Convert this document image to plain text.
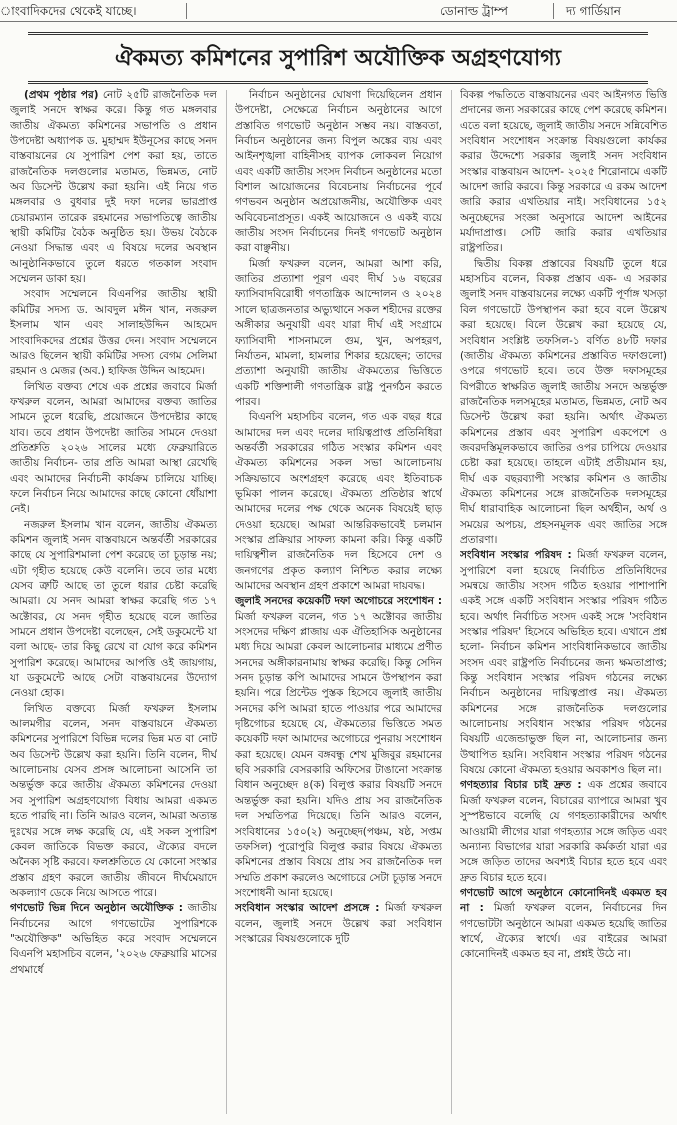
াংবাদিকদের থেকেই যাচ্ছে।	ডোনাল্ড ট্রাম্প	দ্য গার্ডিয়ান
ঐকমত্য কমিশনের সুপারিশ অযৌক্তিক অগ্রহণযোগ্য

(প্রথম পৃষ্ঠার পর) নোট ২৫টি রাজনৈতিক দল জুলাই সনদে স্বাক্ষর করে। কিন্তু গত মঙ্গলবার জাতীয় ঐকমত্য কমিশনের সভাপতি ও প্রধান উপদেষ্টা অধ্যাপক ড. মুহাম্মদ ইউনূসের কাছে সনদ বাস্তবায়নের যে সুপারিশ পেশ করা হয়, তাতে রাজনৈতিক দলগুলোর মতামত, ভিন্নমত, নোট অব ডিসেন্ট উল্লেখ করা হয়নি। এই নিয়ে গত মঙ্গলবার ও বুধবার দুই দফা দলের ভারপ্রাপ্ত চেয়ারম্যান তারেক রহমানের সভাপতিত্বে জাতীয় স্থায়ী কমিটির বৈঠক অনুষ্ঠিত হয়। উভয় বৈঠকে নেওয়া সিদ্ধান্ত এবং এ বিষয়ে দলের অবস্থান আনুষ্ঠানিকভাবে তুলে ধরতে গতকাল সংবাদ সম্মেলন ডাকা হয়।

সংবাদ সম্মেলনে বিএনপির জাতীয় স্থায়ী কমিটির সদস্য ড. আবদুল মঈন খান, নজরুল ইসলাম খান এবং সালাহউদ্দিন আহমেদ সাংবাদিকদের প্রশ্নের উত্তর দেন। সংবাদ সম্মেলনে আরও ছিলেন স্থায়ী কমিটির সদস্য বেগম সেলিমা রহমান ও মেজর (অব.) হাফিজ উদ্দিন আহমেদ।

লিখিত বক্তব্য শেষে এক প্রশ্নের জবাবে মির্জা ফখরুল বলেন, আমরা আমাদের বক্তব্য জাতির সামনে তুলে ধরেছি, প্রয়োজনে উপদেষ্টার কাছে যাব। তবে প্রধান উপদেষ্টা জাতির সামনে দেওয়া প্রতিশ্রুতি ২০২৬ সালের মধ্যে ফেব্রুয়ারিতে জাতীয় নির্বাচন- তার প্রতি আমরা আস্থা রেখেছি এবং আমাদের নির্বাচনী কার্যক্রম চালিয়ে যাচ্ছি। ফলে নির্বাচন নিয়ে আমাদের কাছে কোনো ধোঁয়াশা নেই।

নজরুল ইসলাম খান বলেন, জাতীয় ঐকমত্য কমিশন জুলাই সনদ বাস্তবায়নে অন্তর্বর্তী সরকারের কাছে যে সুপারিশমালা পেশ করেছে তা চূড়ান্ত নয়; এটা গৃহীত হয়েছে কেউ বলেনি। তবে তার মধ্যে যেসব ত্রুটি আছে তা তুলে ধরার চেষ্টা করেছি আমরা। যে সনদ আমরা স্বাক্ষর করেছি গত ১৭ অক্টোবর, যে সনদ গৃহীত হয়েছে বলে জাতির সামনে প্রধান উপদেষ্টা বলেছেন, সেই ডকুমেন্টে যা বলা আছে- তার কিছু রেখে বা যোগ করে কমিশন সুপারিশ করেছে। আমাদের আপত্তি ওই জায়গায়, যা ডকুমেন্টে আছে সেটা বাস্তবায়নের উদ্যোগ নেওয়া হোক।

লিখিত বক্তব্যে মির্জা ফখরুল ইসলাম আলমগীর বলেন, সনদ বাস্তবায়নে ঐকমত্য কমিশনের সুপারিশে বিভিন্ন দলের ভিন্ন মত বা নোট অব ডিসেন্ট উল্লেখ করা হয়নি। তিনি বলেন, দীর্ঘ আলোচনায় যেসব প্রসঙ্গ আলোচনা আসেনি তা অন্তর্ভুক্ত করে জাতীয় ঐকমত্য কমিশনের দেওয়া সব সুপারিশ অগ্রহণযোগ্য বিধায় আমরা একমত হতে পারছি না। তিনি আরও বলেন, আমরা অত্যন্ত দুঃখের সঙ্গে লক্ষ করেছি যে, এই সকল সুপারিশ কেবল জাতিকে বিভক্ত করবে, ঐক্যের বদলে অনৈক্য সৃষ্টি করবে। ফলশ্রুতিতে যে কোনো সংস্কার প্রস্তাব গ্রহণ করলে জাতীয় জীবনে দীর্ঘমেয়াদে অকল্যাণ ডেকে নিয়ে আসতে পারে।

গণভোট ভিন্ন দিনে অনুষ্ঠান অযৌক্তিক : জাতীয় নির্বাচনের আগে গণভোটের সুপারিশকে "অযৌক্তিক" অভিহিত করে সংবাদ সম্মেলনে বিএনপি মহাসচিব বলেন, '২০২৬ ফেব্রুয়ারি মাসের প্রথমার্ধে

নির্বাচন অনুষ্ঠানের ঘোষণা দিয়েছিলেন প্রধান উপদেষ্টা, সেক্ষেত্রে নির্বাচন অনুষ্ঠানের আগে প্রস্তাবিত গণভোট অনুষ্ঠান সম্ভব নয়। বাস্তবতা, নির্বাচন অনুষ্ঠানের জন্য বিপুল অঙ্কের ব্যয় এবং আইনশৃঙ্খলা বাহিনীসহ ব্যাপক লোকবল নিয়োগ এবং একটি জাতীয় সংসদ নির্বাচন অনুষ্ঠানের মতো বিশাল আয়োজনের বিবেচনায় নির্বাচনের পূর্বে গণভবন অনুষ্ঠান অপ্রয়োজনীয়, অযৌক্তিক এবং অবিবেচনাপ্রসূত। একই আয়োজনে ও একই ব্যয়ে জাতীয় সংসদ নির্বাচনের দিনই গণভোট অনুষ্ঠান করা বাঞ্ছনীয়।

মির্জা ফখরুল বলেন, আমরা আশা করি, জাতির প্রত্যাশা পূরণ এবং দীর্ঘ ১৬ বছরের ফ্যাসিবাদবিরোধী গণতান্ত্রিক আন্দোলন ও ২০২৪ সালে ছাত্রজনতার অভ্যুত্থানে সকল শহীদের রক্তের অঙ্গীকার অনুযায়ী এবং যারা দীর্ঘ এই সংগ্রামে ফ্যাসিবাদী শাসনামলে গুম, খুন, অপহরণ, নির্যাতন, মামলা, হামলার শিকার হয়েছেন; তাদের প্রত্যাশা অনুযায়ী জাতীয় ঐকমত্যের ভিত্তিতে একটি শক্তিশালী গণতান্ত্রিক রাষ্ট্র পুনর্গঠন করতে পারব।

বিএনপি মহাসচিব বলেন, গত এক বছর ধরে আমাদের দল এবং দলের দায়িত্বপ্রাপ্ত প্রতিনিধিরা অন্তর্বর্তী সরকারের গঠিত সংস্কার কমিশন এবং ঐকমত্য কমিশনের সকল সভা আলোচনায় সক্রিয়ভাবে অংশগ্রহণ করেছে এবং ইতিবাচক ভূমিকা পালন করেছে। ঐকমত্য প্রতিষ্ঠার স্বার্থে আমাদের দলের পক্ষ থেকে অনেক বিষয়েই ছাড় দেওয়া হয়েছে। আমরা আন্তরিকভাবেই চলমান সংস্কার প্রক্রিয়ার সাফল্য কামনা করি। কিন্তু একটি দায়িত্বশীল রাজনৈতিক দল হিসেবে দেশ ও জনগণের প্রকৃত কল্যাণ নিশ্চিত করার লক্ষ্যে আমাদের অবস্থান গ্রহণ প্রকাশে আমরা দায়বদ্ধ।

জুলাই সনদের কয়েকটি দফা অগোচরে সংশোধন : মির্জা ফখরুল বলেন, গত ১৭ অক্টোবর জাতীয় সংসদের দক্ষিণ প্লাজায় এক ঐতিহাসিক অনুষ্ঠানের মধ্য দিয়ে আমরা কেবল আলোচনার মাধ্যমে প্রণীত সনদের অঙ্গীকারনামায় স্বাক্ষর করেছি। কিন্তু সেদিন সনদ চূড়ান্ত কপি আমাদের সামনে উপস্থাপন করা হয়নি। পরে প্রিন্টেড পুস্তক হিসেবে জুলাই জাতীয় সনদের কপি আমরা হাতে পাওয়ার পরে আমাদের দৃষ্টিগোচর হয়েছে যে, ঐকমত্যের ভিত্তিতে সমত কয়েকটি দফা আমাদের অগোচরে পুনরায় সংশোধন করা হয়েছে। যেমন বঙ্গবন্ধু শেখ মুজিবুর রহমানের ছবি সরকারি বেসরকারি অফিসের টাঙানো সংক্রান্ত বিধান অনুচ্ছেদ ৪(ক) বিলুপ্ত করার বিষয়টি সনদে অন্তর্ভুক্ত করা হয়নি। যদিও প্রায় সব রাজনৈতিক দল সম্মতিপত্র দিয়েছে। তিনি আরও বলেন, সংবিধানের ১৫০(২) অনুচ্ছেদ(পঞ্চম, ষষ্ঠ, সপ্তম তফসিল) পুরোপুরি বিলুপ্ত করার বিষয়ে ঐকমত্য কমিশনের প্রস্তাব বিষয়ে প্রায় সব রাজনৈতিক দল সম্মতি প্রকাশ করলেও অগোচরে সেটা চূড়ান্ত সনদে সংশোধনী আনা হয়েছে।

সংবিধান সংস্কার আদেশ প্রসঙ্গে : মির্জা ফখরুল বলেন, জুলাই সনদে উল্লেখ করা সংবিধান সংস্কারের বিষয়গুলোকে দুটি

বিকল্প পদ্ধতিতে বাস্তবায়নের এবং আইনগত ভিত্তি প্রদানের জন্য সরকারের কাছে পেশ করেছে কমিশন। এতে বলা হয়েছে, জুলাই জাতীয় সনদে সন্নিবেশিত সংবিধান সংশোধন সংক্রান্ত বিষয়গুলো কার্যকর করার উদ্দেশ্যে সরকার জুলাই সনদ সংবিধান সংস্কার বাস্তবায়ন আদেশ- ২০২৫ শিরোনামে একটি আদেশ জারি করবে। কিন্তু সরকারে এ রকম আদেশ জারি করার এখতিয়ার নাই। সংবিধানের ১৫২ অনুচ্ছেদের সংজ্ঞা অনুসারে আদেশ আইনের মর্যাদাপ্রাপ্ত। সেটি জারি করার এখতিয়ার রাষ্ট্রপতির।

দ্বিতীয় বিকল্প প্রস্তাবের বিষয়টি তুলে ধরে মহাসচিব বলেন, বিকল্প প্রস্তাব এক- এ সরকার জুলাই সনদ বাস্তবায়নের লক্ষ্যে একটি পূর্ণাঙ্গ খসড়া বিল গণভোটে উপস্থাপন করা হবে বলে উল্লেখ করা হয়েছে। বিলে উল্লেখ করা হয়েছে যে, সংবিধান সংশ্লিষ্ট তফসিল-১ বর্ণিত ৪৮টি দফার (জাতীয় ঐকমত্য কমিশনের প্রস্তাবিত দফাগুলো) ওপরে গণভোট হবে। তবে উক্ত দফাসমূহের বিপরীতে স্বাক্ষরিত জুলাই জাতীয় সনদে অন্তর্ভুক্ত রাজনৈতিক দলসমূহের মতামত, ভিন্নমত, নোট অব ডিসেন্ট উল্লেখ করা হয়নি। অর্থাৎ ঐকমত্য কমিশনের প্রস্তাব এবং সুপারিশ একপেশে ও জবরদস্তিমূলকভাবে জাতির ওপর চাপিয়ে দেওয়ার চেষ্টা করা হয়েছে। তাহলে এটাই প্রতীয়মান হয়, দীর্ঘ এক বছরব্যাপী সংস্কার কমিশন ও জাতীয় ঐকমত্য কমিশনের সঙ্গে রাজনৈতিক দলসমূহের দীর্ঘ ধারাবাহিক আলোচনা ছিল অর্থহীন, অর্থ ও সময়ের অপচয়, প্রহসনমূলক এবং জাতির সঙ্গে প্রতারণা।

সংবিধান সংস্কার পরিষদ : মির্জা ফখরুল বলেন, সুপারিশে বলা হয়েছে নির্বাচিত প্রতিনিধিদের সমন্বয়ে জাতীয় সংসদ গঠিত হওয়ার পাশাপাশি একই সঙ্গে একটি সংবিধান সংস্কার পরিষদ গঠিত হবে। অর্থাৎ নির্বাচিত সংসদ একই সঙ্গে 'সংবিধান সংস্কার পরিষদ' হিসেবে অভিহিত হবে। এখানে প্রশ্ন হলো- নির্বাচন কমিশন সাংবিধানিকভাবে জাতীয় সংসদ এবং রাষ্ট্রপতি নির্বাচনের জন্য ক্ষমতাপ্রাপ্ত; কিন্তু সংবিধান সংস্কার পরিষদ গঠনের লক্ষ্যে নির্বাচন অনুষ্ঠানের দায়িত্বপ্রাপ্ত নয়। ঐকমত্য কমিশনের সঙ্গে রাজনৈতিক দলগুলোর আলোচনায় সংবিধান সংস্কার পরিষদ গঠনের বিষয়টি এজেন্ডাভুক্ত ছিল না, আলোচনার জন্য উত্থাপিত হয়নি। সংবিধান সংস্কার পরিষদ গঠনের বিষয়ে কোনো ঐকমত্য হওয়ার অবকাশও ছিল না।

গণহত্যার বিচার চাই দ্রুত : এক প্রশ্নের জবাবে মির্জা ফখরুল বলেন, বিচারের ব্যাপারে আমরা খুব সুস্পষ্টভাবে বলেছি যে গণহত্যাকারীদের অর্থাৎ আওয়ামী লীগের যারা গণহত্যার সঙ্গে জড়িত এবং অন্যান্য বিভাগের যারা সরকারি কর্মকর্তা যারা এর সঙ্গে জড়িত তাদের অবশ্যই বিচার হতে হবে এবং দ্রুত বিচার হতে হবে।

গণভোট আগে অনুষ্ঠানে কোনোদিনই একমত হব না : মির্জা ফখরুল বলেন, নির্বাচনের দিন গণভোটটা অনুষ্ঠানে আমরা একমত হয়েছি জাতির স্বার্থে, ঐক্যের স্বার্থে। এর বাইরের আমরা কোনোদিনই একমত হব না, প্রশ্নই উঠে না।
